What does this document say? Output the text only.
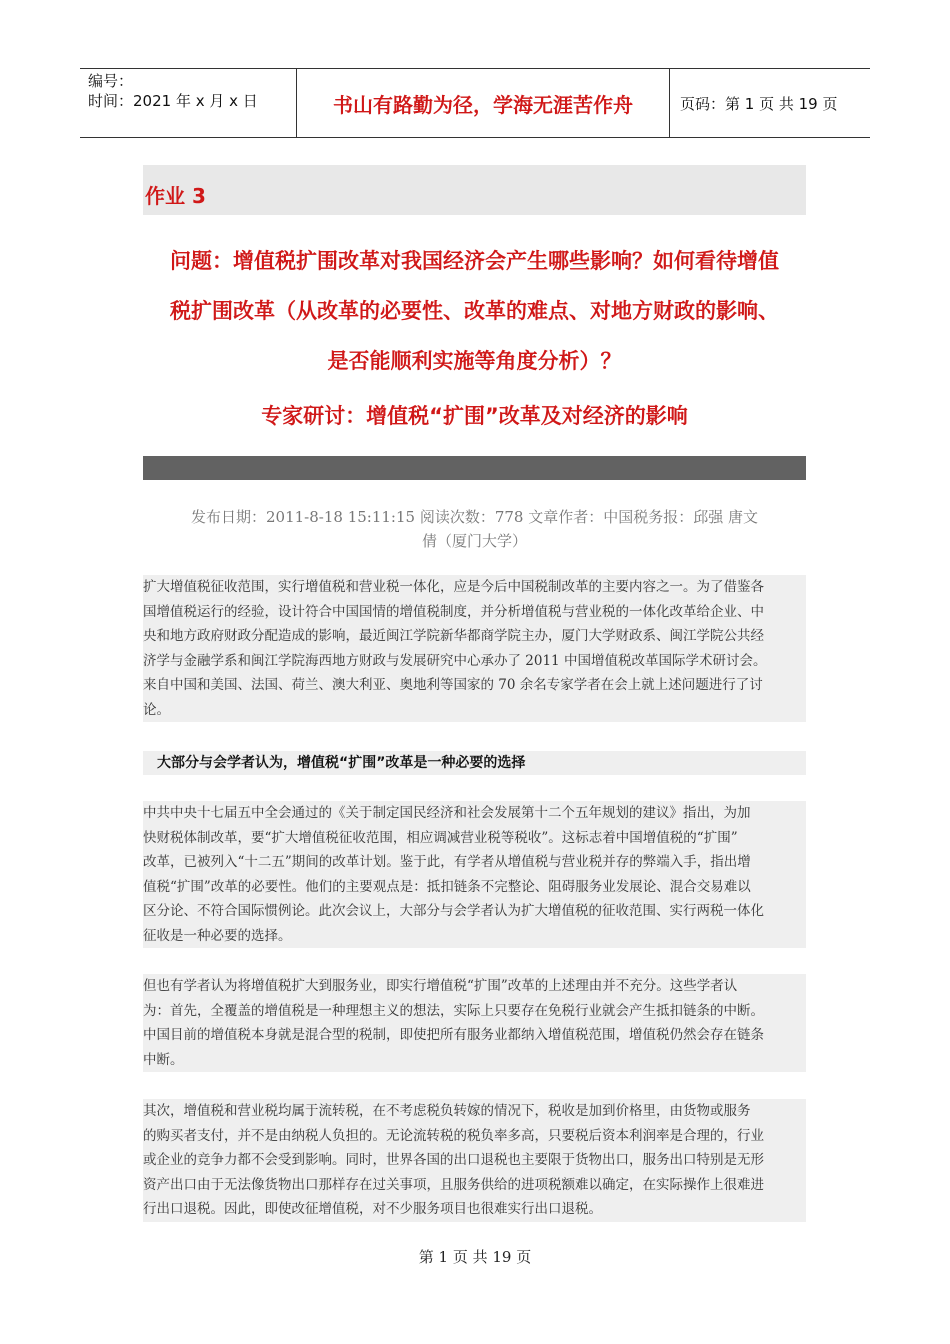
编号：
时间：2021 年 x 月 x 日	书山有路勤为径，学海无涯苦作舟	页码：第 1 页 共 19 页
作业 3
问题：增值税扩围改革对我国经济会产生哪些影响？如何看待增值
税扩围改革（从改革的必要性、改革的难点、对地方财政的影响、
是否能顺利实施等角度分析）？
专家研讨：增值税“扩围”改革及对经济的影响
发布日期：2011-8-18 15:11:15 阅读次数：778 文章作者：中国税务报：邱强 唐文
倩（厦门大学）
扩大增值税征收范围，实行增值税和营业税一体化，应是今后中国税制改革的主要内容之一。为了借鉴各
国增值税运行的经验，设计符合中国国情的增值税制度，并分析增值税与营业税的一体化改革给企业、中
央和地方政府财政分配造成的影响，最近闽江学院新华都商学院主办，厦门大学财政系、闽江学院公共经
济学与金融学系和闽江学院海西地方财政与发展研究中心承办了 2011 中国增值税改革国际学术研讨会。
来自中国和美国、法国、荷兰、澳大利亚、奥地利等国家的 70 余名专家学者在会上就上述问题进行了讨
论。
大部分与会学者认为，增值税“扩围”改革是一种必要的选择
中共中央十七届五中全会通过的《关于制定国民经济和社会发展第十二个五年规划的建议》指出，为加
快财税体制改革，要“扩大增值税征收范围，相应调减营业税等税收”。这标志着中国增值税的“扩围”
改革，已被列入“十二五”期间的改革计划。鉴于此，有学者从增值税与营业税并存的弊端入手，指出增
值税“扩围”改革的必要性。他们的主要观点是：抵扣链条不完整论、阻碍服务业发展论、混合交易难以
区分论、不符合国际惯例论。此次会议上，大部分与会学者认为扩大增值税的征收范围、实行两税一体化
征收是一种必要的选择。
但也有学者认为将增值税扩大到服务业，即实行增值税“扩围”改革的上述理由并不充分。这些学者认
为：首先，全覆盖的增值税是一种理想主义的想法，实际上只要存在免税行业就会产生抵扣链条的中断。
中国目前的增值税本身就是混合型的税制，即使把所有服务业都纳入增值税范围，增值税仍然会存在链条
中断。
其次，增值税和营业税均属于流转税，在不考虑税负转嫁的情况下，税收是加到价格里，由货物或服务
的购买者支付，并不是由纳税人负担的。无论流转税的税负率多高，只要税后资本利润率是合理的，行业
或企业的竞争力都不会受到影响。同时，世界各国的出口退税也主要限于货物出口，服务出口特别是无形
资产出口由于无法像货物出口那样存在过关事项，且服务供给的进项税额难以确定，在实际操作上很难进
行出口退税。因此，即使改征增值税，对不少服务项目也很难实行出口退税。
第 1 页 共 19 页
